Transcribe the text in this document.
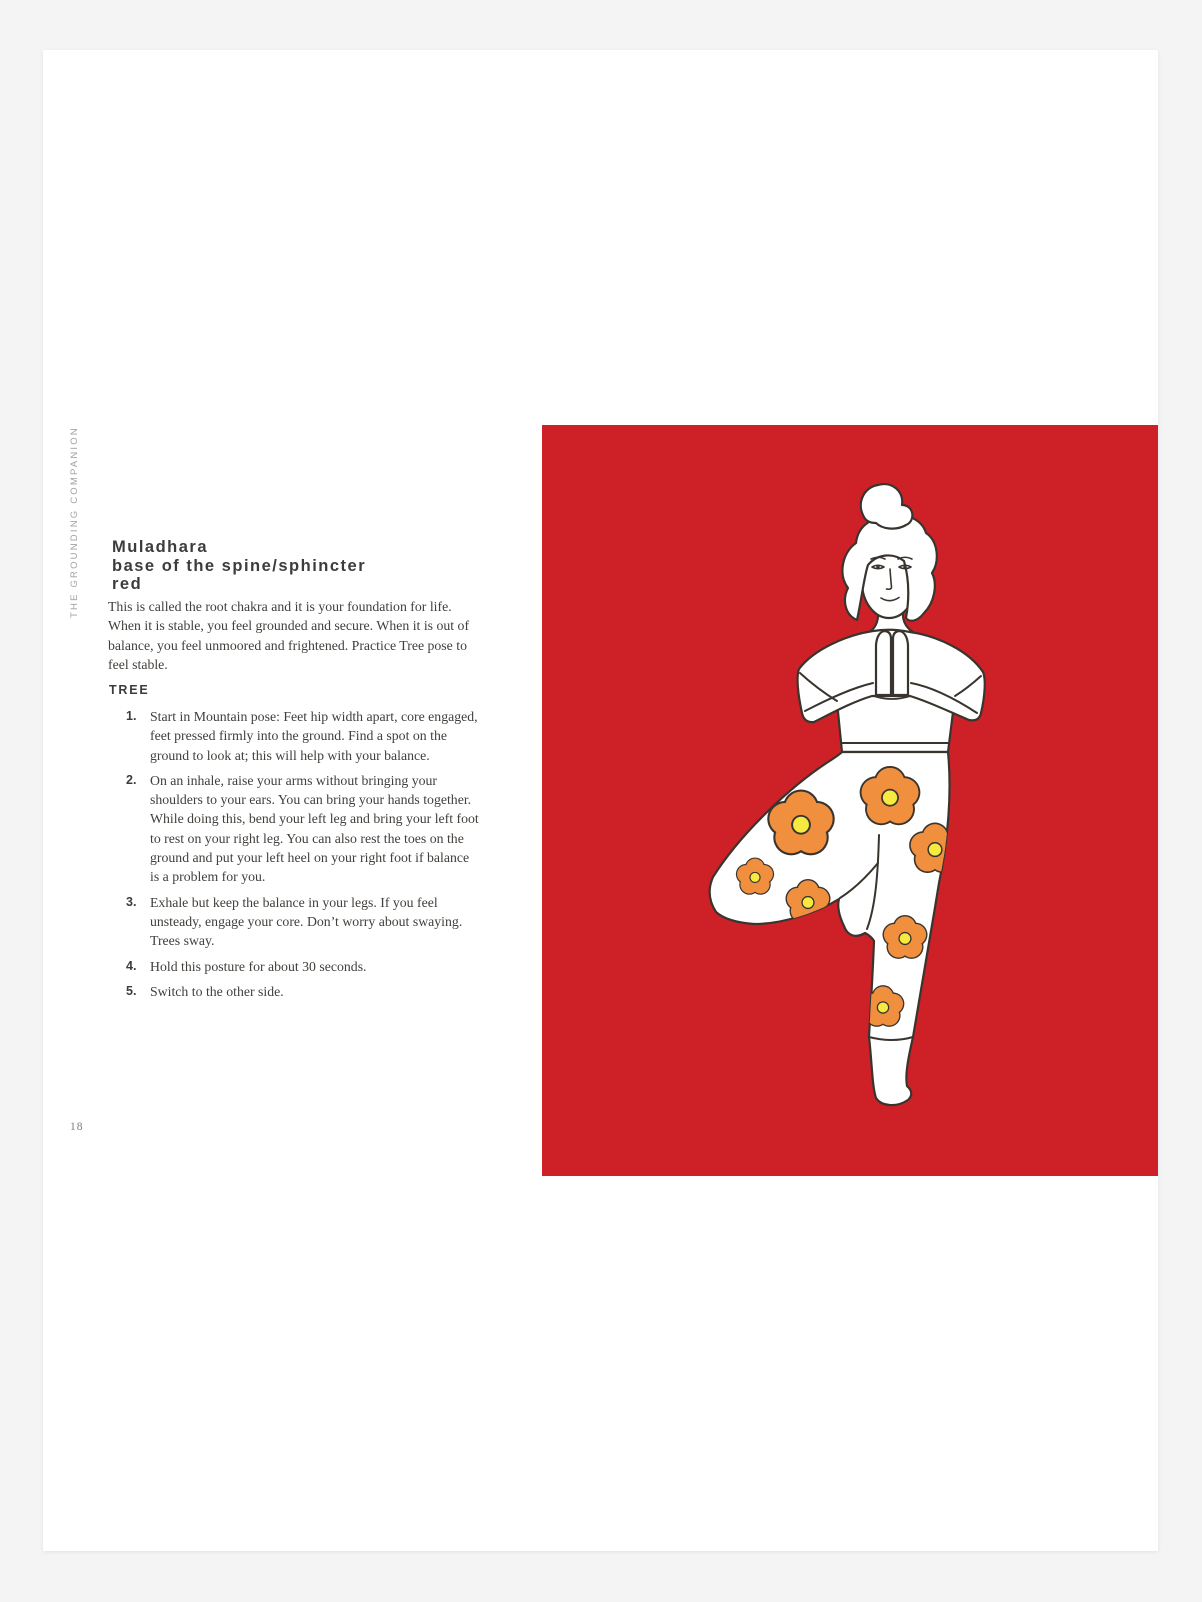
THE GROUNDING COMPANION Muladhara
base of the spine/sphincter
red

This is called the root chakra and it is your foundation for life. When it is stable, you feel grounded and secure. When it is out of balance, you feel unmoored and frightened. Practice Tree pose to feel stable.

TREE
1. Start in Mountain pose: Feet hip width apart, core engaged, feet pressed firmly into the ground. Find a spot on the ground to look at; this will help with your balance.
2. On an inhale, raise your arms without bringing your shoulders to your ears. You can bring your hands together. While doing this, bend your left leg and bring your left foot to rest on your right leg. You can also rest the toes on the ground and put your left heel on your right foot if balance is a problem for you.
3. Exhale but keep the balance in your legs. If you feel unsteady, engage your core. Don’t worry about swaying. Trees sway.
4. Hold this posture for about 30 seconds.
5. Switch to the other side.
18
